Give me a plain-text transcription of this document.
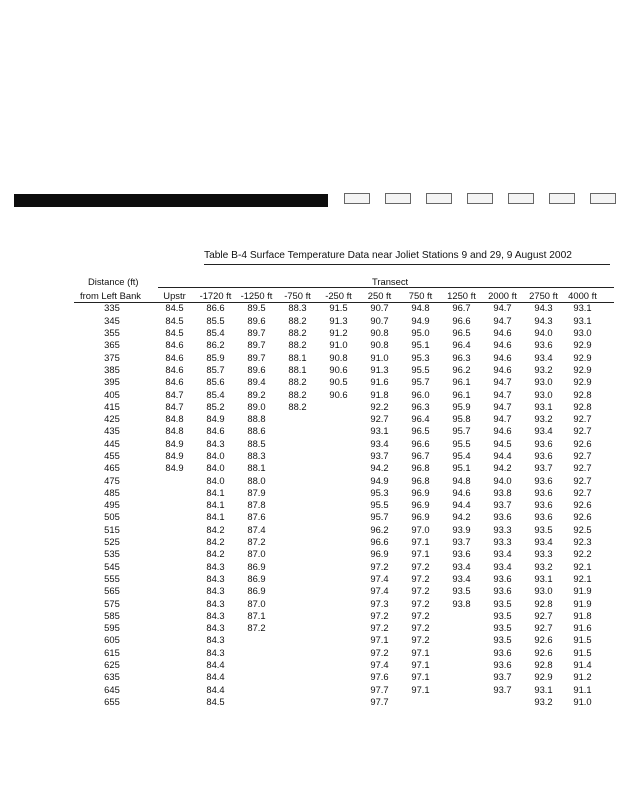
Table B-4 Surface Temperature Data near Joliet Stations 9 and 29, 9 August 2002
Distance (ft)
from Left Bank
Transect
	Upstr	-1720 ft	-1250 ft	-750 ft	-250 ft	250 ft	750 ft	1250 ft	2000 ft	2750 ft	4000 ft
335	84.5	86.6	89.5	88.3	91.5	90.7	94.8	96.7	94.7	94.3	93.1
345	84.5	85.5	89.6	88.2	91.3	90.7	94.9	96.6	94.7	94.3	93.1
355	84.5	85.4	89.7	88.2	91.2	90.8	95.0	96.5	94.6	94.0	93.0
365	84.6	86.2	89.7	88.2	91.0	90.8	95.1	96.4	94.6	93.6	92.9
375	84.6	85.9	89.7	88.1	90.8	91.0	95.3	96.3	94.6	93.4	92.9
385	84.6	85.7	89.6	88.1	90.6	91.3	95.5	96.2	94.6	93.2	92.9
395	84.6	85.6	89.4	88.2	90.5	91.6	95.7	96.1	94.7	93.0	92.9
405	84.7	85.4	89.2	88.2	90.6	91.8	96.0	96.1	94.7	93.0	92.8
415	84.7	85.2	89.0	88.2		92.2	96.3	95.9	94.7	93.1	92.8
425	84.8	84.9	88.8			92.7	96.4	95.8	94.7	93.2	92.7
435	84.8	84.6	88.6			93.1	96.5	95.7	94.6	93.4	92.7
445	84.9	84.3	88.5			93.4	96.6	95.5	94.5	93.6	92.6
455	84.9	84.0	88.3			93.7	96.7	95.4	94.4	93.6	92.7
465	84.9	84.0	88.1			94.2	96.8	95.1	94.2	93.7	92.7
475		84.0	88.0			94.9	96.8	94.8	94.0	93.6	92.7
485		84.1	87.9			95.3	96.9	94.6	93.8	93.6	92.7
495		84.1	87.8			95.5	96.9	94.4	93.7	93.6	92.6
505		84.1	87.6			95.7	96.9	94.2	93.6	93.6	92.6
515		84.2	87.4			96.2	97.0	93.9	93.3	93.5	92.5
525		84.2	87.2			96.6	97.1	93.7	93.3	93.4	92.3
535		84.2	87.0			96.9	97.1	93.6	93.4	93.3	92.2
545		84.3	86.9			97.2	97.2	93.4	93.4	93.2	92.1
555		84.3	86.9			97.4	97.2	93.4	93.6	93.1	92.1
565		84.3	86.9			97.4	97.2	93.5	93.6	93.0	91.9
575		84.3	87.0			97.3	97.2	93.8	93.5	92.8	91.9
585		84.3	87.1			97.2	97.2		93.5	92.7	91.8
595		84.3	87.2			97.2	97.2		93.5	92.7	91.6
605		84.3				97.1	97.2		93.5	92.6	91.5
615		84.3				97.2	97.1		93.6	92.6	91.5
625		84.4				97.4	97.1		93.6	92.8	91.4
635		84.4				97.6	97.1		93.7	92.9	91.2
645		84.4				97.7	97.1		93.7	93.1	91.1
655		84.5				97.7				93.2	91.0
